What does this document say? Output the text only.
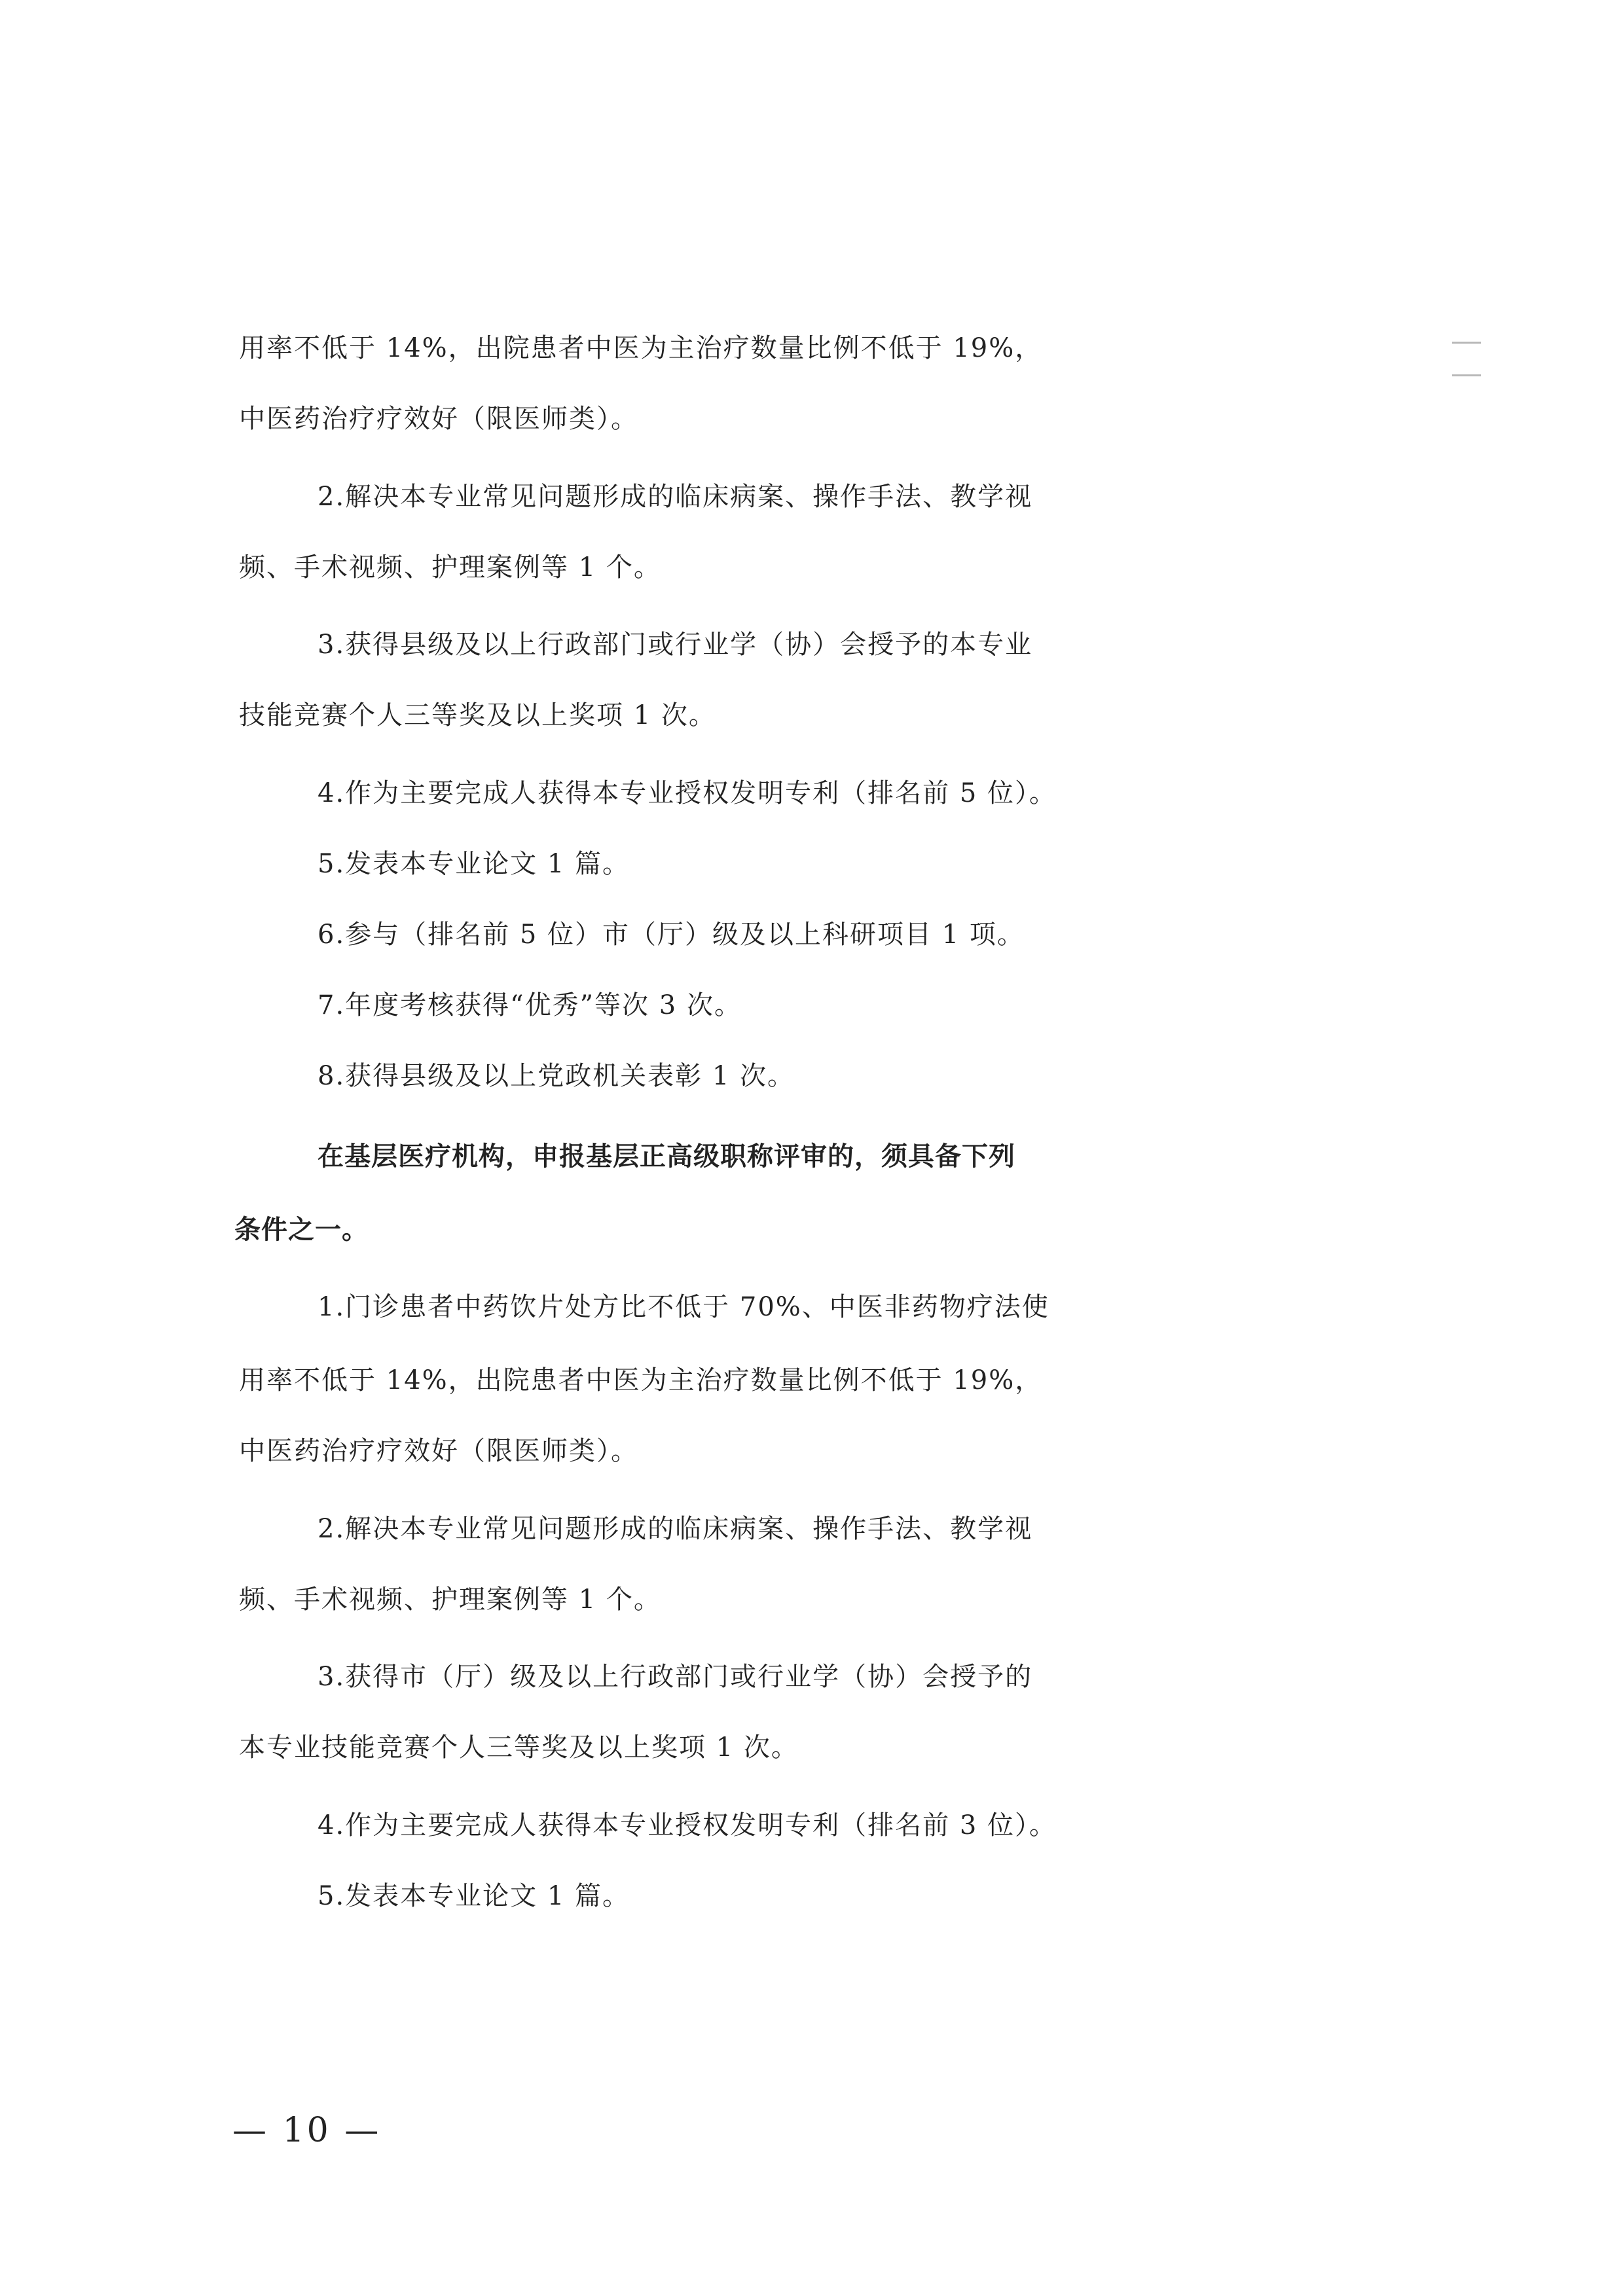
用率不低于 14%，出院患者中医为主治疗数量比例不低于 19%，
中医药治疗疗效好（限医师类）。
2.解决本专业常见问题形成的临床病案、操作手法、教学视
频、手术视频、护理案例等 1 个。
3.获得县级及以上行政部门或行业学（协）会授予的本专业
技能竞赛个人三等奖及以上奖项 1 次。
4.作为主要完成人获得本专业授权发明专利（排名前 5 位）。
5.发表本专业论文 1 篇。
6.参与（排名前 5 位）市（厅）级及以上科研项目 1 项。
7.年度考核获得“优秀”等次 3 次。
8.获得县级及以上党政机关表彰 1 次。
在基层医疗机构，申报基层正高级职称评审的，须具备下列
条件之一。
1.门诊患者中药饮片处方比不低于 70%、中医非药物疗法使
用率不低于 14%，出院患者中医为主治疗数量比例不低于 19%，
中医药治疗疗效好（限医师类）。
2.解决本专业常见问题形成的临床病案、操作手法、教学视
频、手术视频、护理案例等 1 个。
3.获得市（厅）级及以上行政部门或行业学（协）会授予的
本专业技能竞赛个人三等奖及以上奖项 1 次。
4.作为主要完成人获得本专业授权发明专利（排名前 3 位）。
5.发表本专业论文 1 篇。
— 10 —
